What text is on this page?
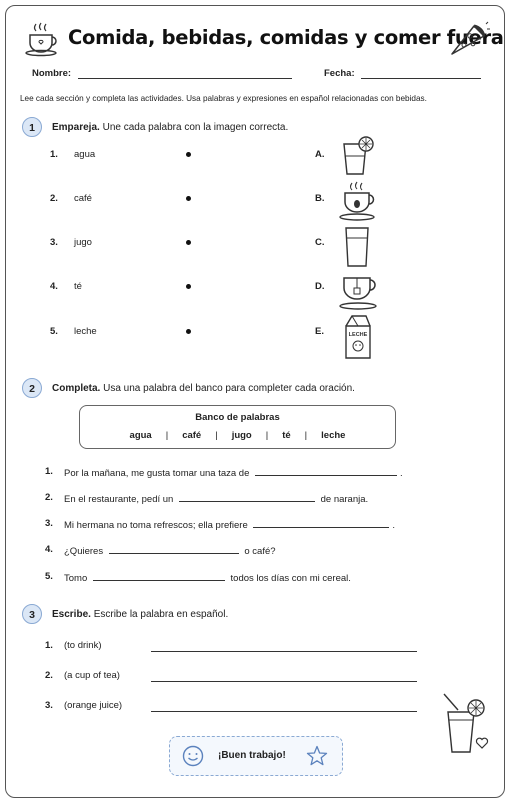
Comida, bebidas, comidas y comer fuera
Nombre:	Fecha:
Lee cada sección y completa las actividades. Usa palabras y expresiones en español relacionadas con bebidas.
1	Empareja. Une cada palabra con la imagen correcta.
1. agua	A.
2. café	B.
3. jugo	C.
4. té	D.
5. leche	E.	LECHE
2	Completa. Usa una palabra del banco para completer cada oración.
Banco de palabras
agua	|	café	|	jugo	|	té	|	leche
1. Por la mañana, me gusta tomar una taza de	.
2. En el restaurante, pedí un	de naranja.
3. Mi hermana no toma refrescos; ella prefiere	.
4. ¿Quieres	o café?
5. Tomo	todos los días con mi cereal.
3	Escribe. Escribe la palabra en español.
1. (to drink)
2. (a cup of tea)
3. (orange juice)
¡Buen trabajo!
